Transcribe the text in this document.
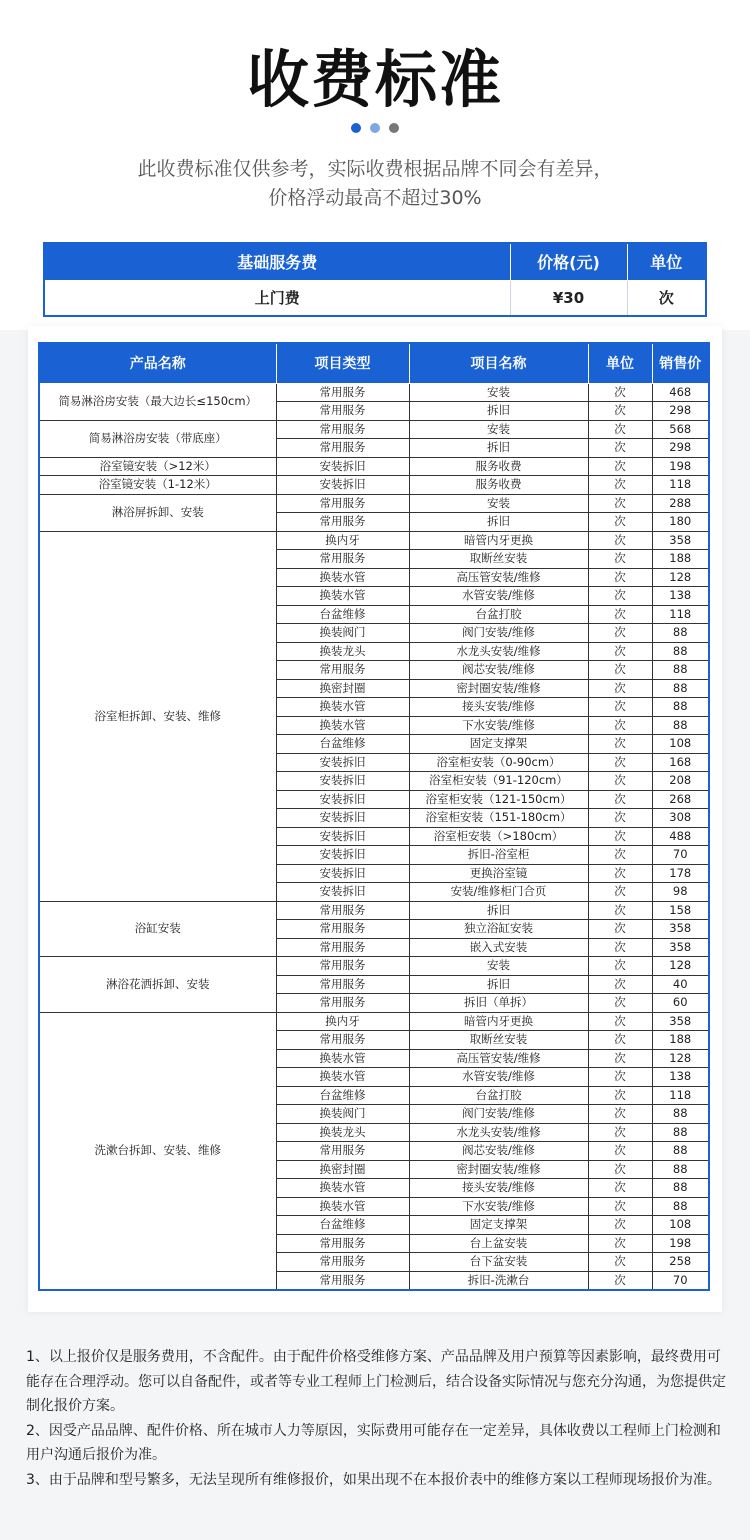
收费标准
此收费标准仅供参考，实际收费根据品牌不同会有差异，
价格浮动最高不超过30%
基础服务费	价格(元)	单位
上门费	¥30	次
产品名称	项目类型	项目名称	单位	销售价
简易淋浴房安装（最大边长≤150cm）	常用服务	安装	次	468
	常用服务	拆旧	次	298
简易淋浴房安装（带底座）	常用服务	安装	次	568
	常用服务	拆旧	次	298
浴室镜安装（>12米）	安装拆旧	服务收费	次	198
浴室镜安装（1-12米）	安装拆旧	服务收费	次	118
淋浴屏拆卸、安装	常用服务	安装	次	288
	常用服务	拆旧	次	180
浴室柜拆卸、安装、维修	换内牙	暗管内牙更换	次	358
	常用服务	取断丝安装	次	188
	换装水管	高压管安装/维修	次	128
	换装水管	水管安装/维修	次	138
	台盆维修	台盆打胶	次	118
	换装阀门	阀门安装/维修	次	88
	换装龙头	水龙头安装/维修	次	88
	常用服务	阀芯安装/维修	次	88
	换密封圈	密封圈安装/维修	次	88
	换装水管	接头安装/维修	次	88
	换装水管	下水安装/维修	次	88
	台盆维修	固定支撑架	次	108
	安装拆旧	浴室柜安装（0-90cm）	次	168
	安装拆旧	浴室柜安装（91-120cm）	次	208
	安装拆旧	浴室柜安装（121-150cm）	次	268
	安装拆旧	浴室柜安装（151-180cm）	次	308
	安装拆旧	浴室柜安装（>180cm）	次	488
	安装拆旧	拆旧-浴室柜	次	70
	安装拆旧	更换浴室镜	次	178
	安装拆旧	安装/维修柜门合页	次	98
浴缸安装	常用服务	拆旧	次	158
	常用服务	独立浴缸安装	次	358
	常用服务	嵌入式安装	次	358
淋浴花洒拆卸、安装	常用服务	安装	次	128
	常用服务	拆旧	次	40
	常用服务	拆旧（单拆）	次	60
洗漱台拆卸、安装、维修	换内牙	暗管内牙更换	次	358
	常用服务	取断丝安装	次	188
	换装水管	高压管安装/维修	次	128
	换装水管	水管安装/维修	次	138
	台盆维修	台盆打胶	次	118
	换装阀门	阀门安装/维修	次	88
	换装龙头	水龙头安装/维修	次	88
	常用服务	阀芯安装/维修	次	88
	换密封圈	密封圈安装/维修	次	88
	换装水管	接头安装/维修	次	88
	换装水管	下水安装/维修	次	88
	台盆维修	固定支撑架	次	108
	常用服务	台上盆安装	次	198
	常用服务	台下盆安装	次	258
	常用服务	拆旧-洗漱台	次	70

1、以上报价仅是服务费用，不含配件。由于配件价格受维修方案、产品品牌及用户预算等因素影响，最终费用可能存在合理浮动。您可以自备配件，或者等专业工程师上门检测后，结合设备实际情况与您充分沟通，为您提供定制化报价方案。

2、因受产品品牌、配件价格、所在城市人力等原因，实际费用可能存在一定差异，具体收费以工程师上门检测和用户沟通后报价为准。

3、由于品牌和型号繁多，无法呈现所有维修报价，如果出现不在本报价表中的维修方案以工程师现场报价为准。
